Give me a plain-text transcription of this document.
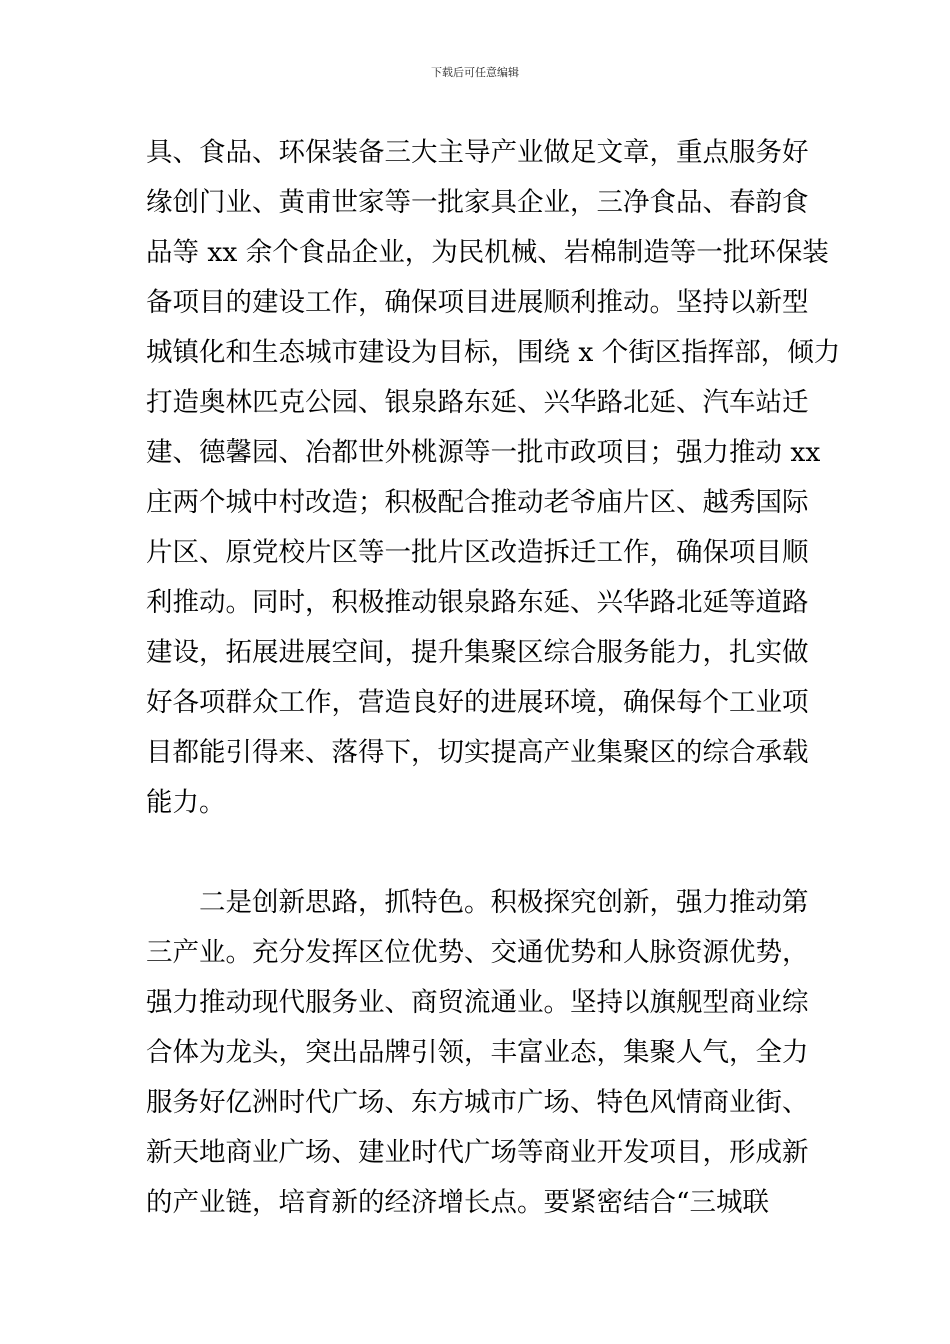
下载后可任意编辑
具、食品、环保装备三大主导产业做足文章，重点服务好
缘创门业、黄甫世家等一批家具企业，三净食品、春韵食
品等 xx 余个食品企业，为民机械、岩棉制造等一批环保装
备项目的建设工作，确保项目进展顺利推动。坚持以新型
城镇化和生态城市建设为目标，围绕 x 个街区指挥部，倾力
打造奥林匹克公园、银泉路东延、兴华路北延、汽车站迁
建、德馨园、冶都世外桃源等一批市政项目；强力推动 xx
庄两个城中村改造；积极配合推动老爷庙片区、越秀国际
片区、原党校片区等一批片区改造拆迁工作，确保项目顺
利推动。同时，积极推动银泉路东延、兴华路北延等道路
建设，拓展进展空间，提升集聚区综合服务能力，扎实做
好各项群众工作，营造良好的进展环境，确保每个工业项
目都能引得来、落得下，切实提高产业集聚区的综合承载
能力。
二是创新思路，抓特色。积极探究创新，强力推动第
三产业。充分发挥区位优势、交通优势和人脉资源优势，
强力推动现代服务业、商贸流通业。坚持以旗舰型商业综
合体为龙头，突出品牌引领，丰富业态，集聚人气，全力
服务好亿洲时代广场、东方城市广场、特色风情商业街、
新天地商业广场、建业时代广场等商业开发项目，形成新
的产业链，培育新的经济增长点。要紧密结合“三城联
